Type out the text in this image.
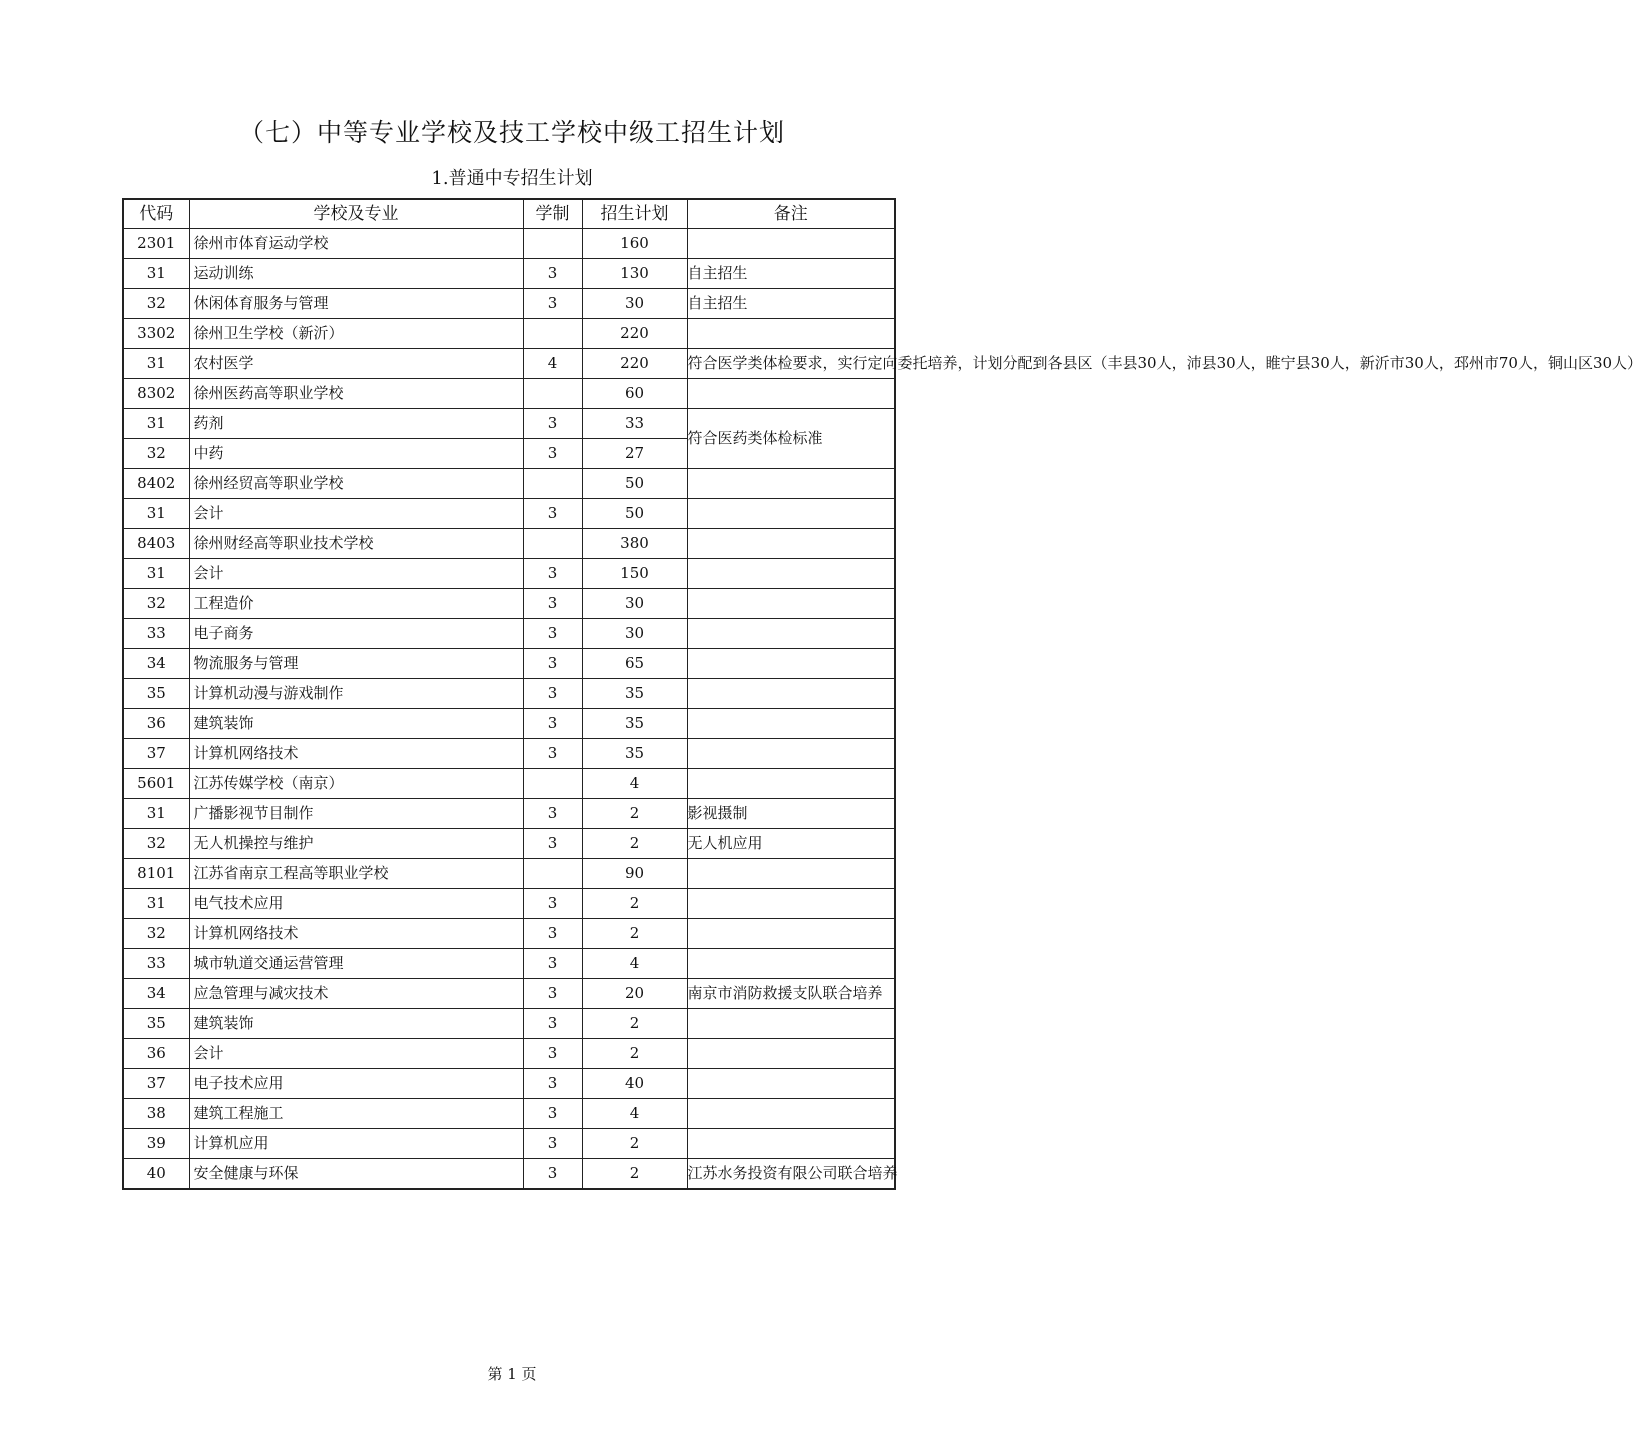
（七）中等专业学校及技工学校中级工招生计划
1.普通中专招生计划
代码	学校及专业	学制	招生计划	备注
2301	徐州市体育运动学校		160	
31	运动训练	3	130	自主招生
32	休闲体育服务与管理	3	30	自主招生
3302	徐州卫生学校（新沂）		220	
31	农村医学	4	220	符合医学类体检要求，实行定向委托培养，计划分配到各县区（丰县30人，沛县30人，睢宁县30人，新沂市30人，邳州市70人，铜山区30人）
8302	徐州医药高等职业学校		60	
31	药剂	3	33	符合医药类体检标准
32	中药	3	27	
8402	徐州经贸高等职业学校		50	
31	会计	3	50	
8403	徐州财经高等职业技术学校		380	
31	会计	3	150	
32	工程造价	3	30	
33	电子商务	3	30	
34	物流服务与管理	3	65	
35	计算机动漫与游戏制作	3	35	
36	建筑装饰	3	35	
37	计算机网络技术	3	35	
5601	江苏传媒学校（南京）		4	
31	广播影视节目制作	3	2	影视摄制
32	无人机操控与维护	3	2	无人机应用
8101	江苏省南京工程高等职业学校		90	
31	电气技术应用	3	2	
32	计算机网络技术	3	2	
33	城市轨道交通运营管理	3	4	
34	应急管理与减灾技术	3	20	南京市消防救援支队联合培养
35	建筑装饰	3	2	
36	会计	3	2	
37	电子技术应用	3	40	
38	建筑工程施工	3	4	
39	计算机应用	3	2	
40	安全健康与环保	3	2	江苏水务投资有限公司联合培养
第 1 页
